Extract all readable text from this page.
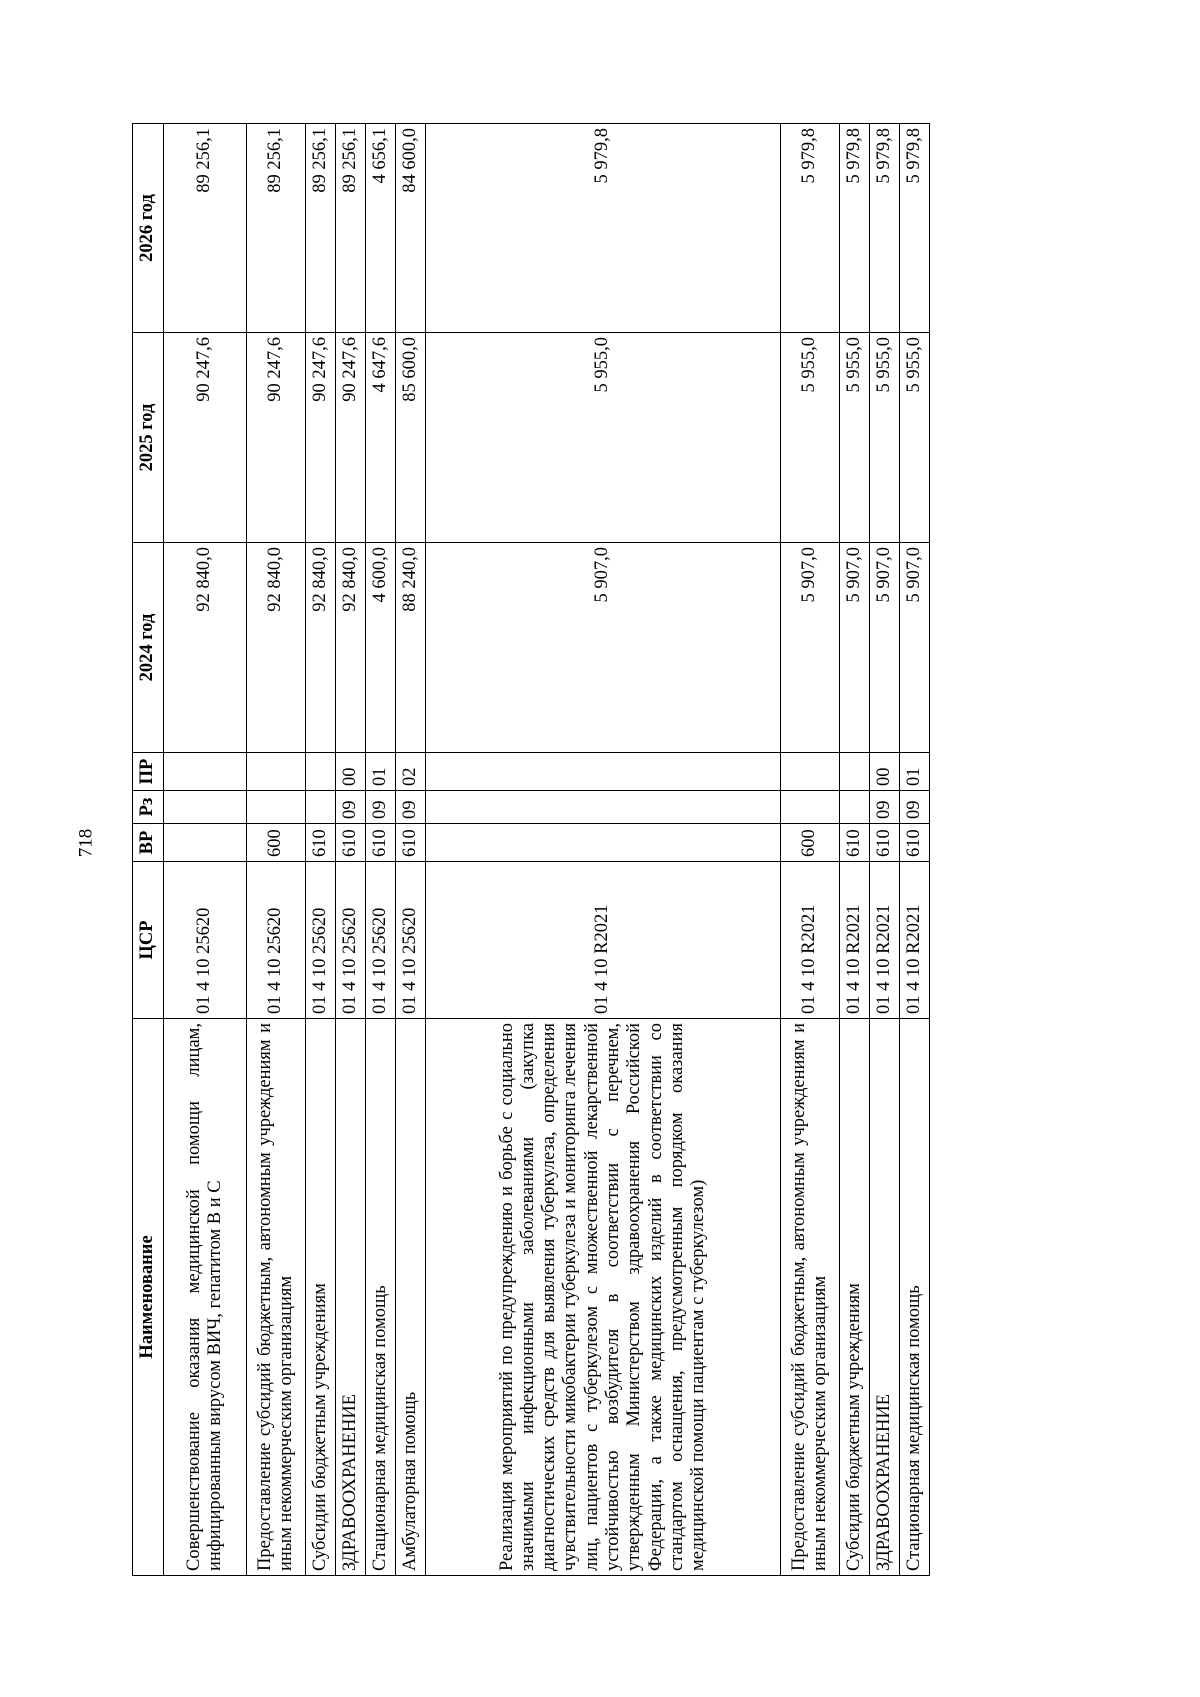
718
Наименование	ЦСР	ВР	Рз	ПР	2024 год	2025 год	2026 год
Совершенствование оказания медицинской помощи лицам, инфицированным вирусом ВИЧ, гепатитом В и С	01 4 10 25620				92 840,0	90 247,6	89 256,1
Предоставление субсидий бюджетным, автономным учреждениям и иным некоммерческим организациям	01 4 10 25620	600			92 840,0	90 247,6	89 256,1
Субсидии бюджетным учреждениям	01 4 10 25620	610			92 840,0	90 247,6	89 256,1
ЗДРАВООХРАНЕНИЕ	01 4 10 25620	610	09	00	92 840,0	90 247,6	89 256,1
Стационарная медицинская помощь	01 4 10 25620	610	09	01	4 600,0	4 647,6	4 656,1
Амбулаторная помощь	01 4 10 25620	610	09	02	88 240,0	85 600,0	84 600,0
Реализация мероприятий по предупреждению и борьбе с социально значимыми инфекционными заболеваниями (закупка диагностических средств для выявления туберкулеза, определения чувствительности микобактерии туберкулеза и мониторинга лечения лиц, пациентов с туберкулезом с множественной лекарственной устойчивостью возбудителя в соответствии с перечнем, утвержденным Министерством здравоохранения Российской Федерации, а также медицинских изделий в соответствии со стандартом оснащения, предусмотренным порядком оказания медицинской помощи пациентам с туберкулезом)	01 4 10 R2021				5 907,0	5 955,0	5 979,8
Предоставление субсидий бюджетным, автономным учреждениям и иным некоммерческим организациям	01 4 10 R2021	600			5 907,0	5 955,0	5 979,8
Субсидии бюджетным учреждениям	01 4 10 R2021	610			5 907,0	5 955,0	5 979,8
ЗДРАВООХРАНЕНИЕ	01 4 10 R2021	610	09	00	5 907,0	5 955,0	5 979,8
Стационарная медицинская помощь	01 4 10 R2021	610	09	01	5 907,0	5 955,0	5 979,8
